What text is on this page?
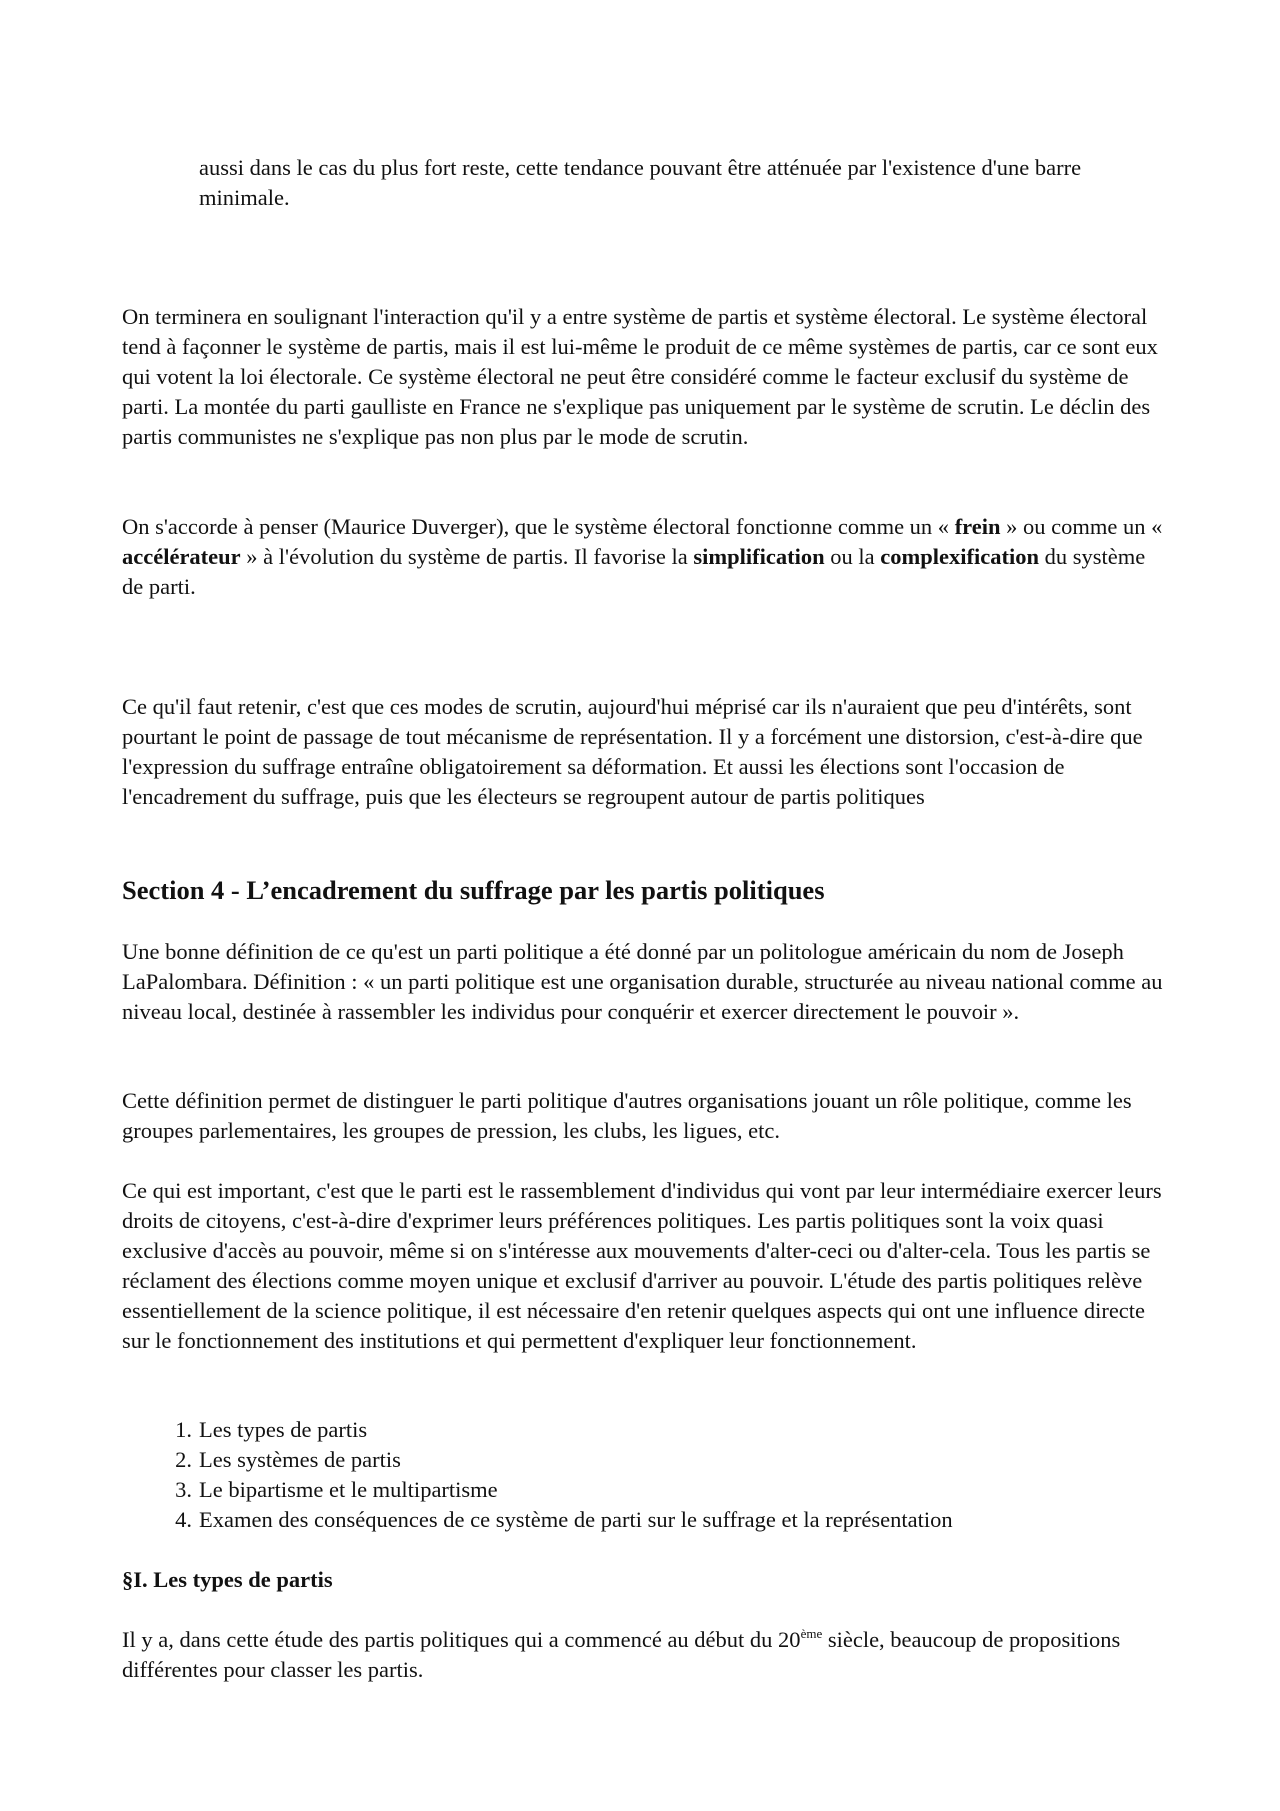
aussi dans le cas du plus fort reste, cette tendance pouvant être atténuée par l'existence d'une barre minimale.

On terminera en soulignant l'interaction qu'il y a entre système de partis et système électoral. Le système électoral tend à façonner le système de partis, mais il est lui-même le produit de ce même systèmes de partis, car ce sont eux qui votent la loi électorale. Ce système électoral ne peut être considéré comme le facteur exclusif du système de parti. La montée du parti gaulliste en France ne s'explique pas uniquement par le système de scrutin. Le déclin des partis communistes ne s'explique pas non plus par le mode de scrutin.

On s'accorde à penser (Maurice Duverger), que le système électoral fonctionne comme un « frein » ou comme un « accélérateur » à l'évolution du système de partis. Il favorise la simplification ou la complexification du système de parti.

Ce qu'il faut retenir, c'est que ces modes de scrutin, aujourd'hui méprisé car ils n'auraient que peu d'intérêts, sont pourtant le point de passage de tout mécanisme de représentation. Il y a forcément une distorsion, c'est-à-dire que l'expression du suffrage entraîne obligatoirement sa déformation. Et aussi les élections sont l'occasion de l'encadrement du suffrage, puis que les électeurs se regroupent autour de partis politiques

Section 4 - L’encadrement du suffrage par les partis politiques

Une bonne définition de ce qu'est un parti politique a été donné par un politologue américain du nom de Joseph LaPalombara. Définition : « un parti politique est une organisation durable, structurée au niveau national comme au niveau local, destinée à rassembler les individus pour conquérir et exercer directement le pouvoir ».

Cette définition permet de distinguer le parti politique d'autres organisations jouant un rôle politique, comme les groupes parlementaires, les groupes de pression, les clubs, les ligues, etc.

Ce qui est important, c'est que le parti est le rassemblement d'individus qui vont par leur intermédiaire exercer leurs droits de citoyens, c'est-à-dire d'exprimer leurs préférences politiques. Les partis politiques sont la voix quasi exclusive d'accès au pouvoir, même si on s'intéresse aux mouvements d'alter-ceci ou d'alter-cela. Tous les partis se réclament des élections comme moyen unique et exclusif d'arriver au pouvoir. L'étude des partis politiques relève essentiellement de la science politique, il est nécessaire d'en retenir quelques aspects qui ont une influence directe sur le fonctionnement des institutions et qui permettent d'expliquer leur fonctionnement.

1. Les types de partis
2. Les systèmes de partis
3. Le bipartisme et le multipartisme
4. Examen des conséquences de ce système de parti sur le suffrage et la représentation

§I. Les types de partis

Il y a, dans cette étude des partis politiques qui a commencé au début du 20ème siècle, beaucoup de propositions différentes pour classer les partis.
